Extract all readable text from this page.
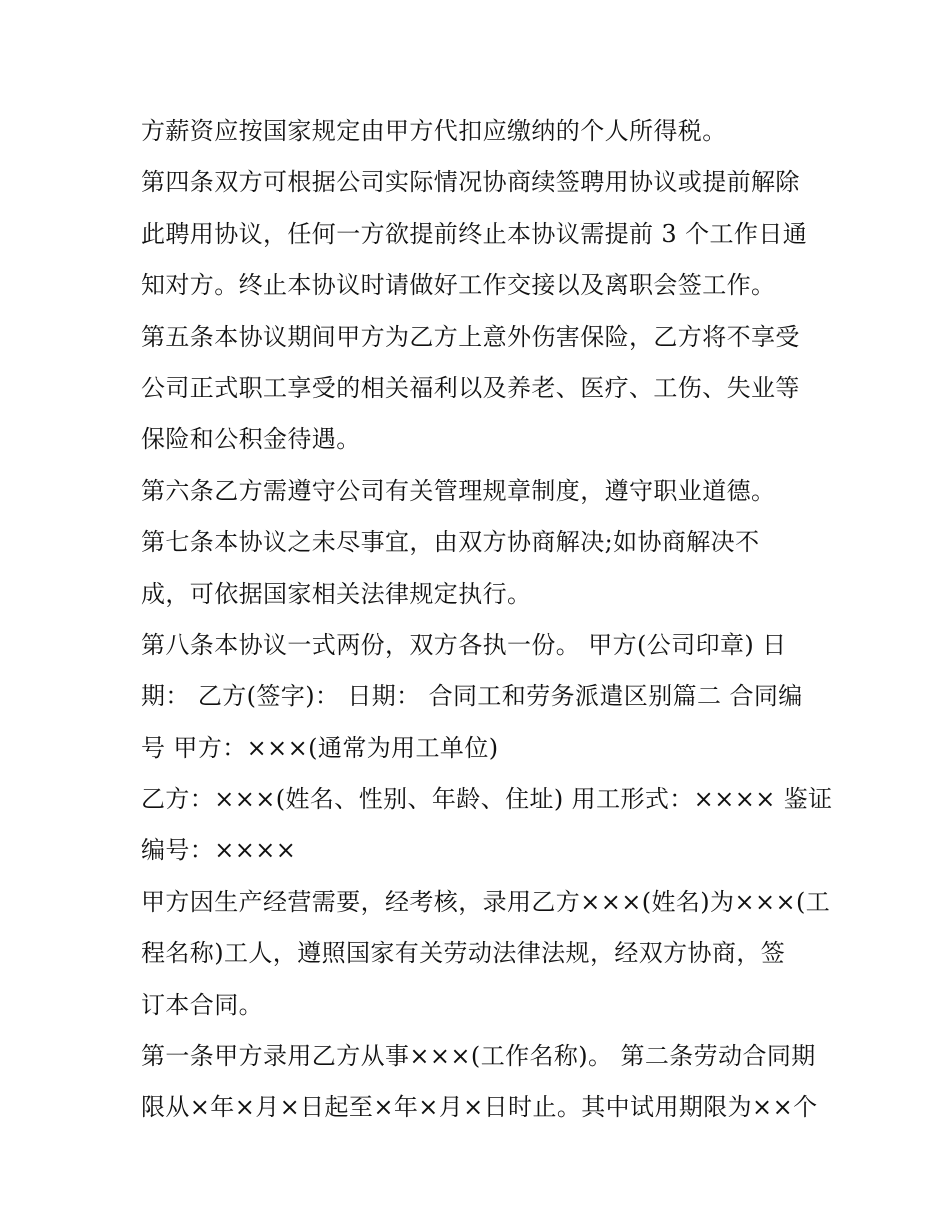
方薪资应按国家规定由甲方代扣应缴纳的个人所得税。
第四条双方可根据公司实际情况协商续签聘用协议或提前解除
此聘用协议，任何一方欲提前终止本协议需提前 3 个工作日通
知对方。终止本协议时请做好工作交接以及离职会签工作。
第五条本协议期间甲方为乙方上意外伤害保险，乙方将不享受
公司正式职工享受的相关福利以及养老、医疗、工伤、失业等
保险和公积金待遇。
第六条乙方需遵守公司有关管理规章制度，遵守职业道德。
第七条本协议之未尽事宜，由双方协商解决;如协商解决不
成，可依据国家相关法律规定执行。
第八条本协议一式两份，双方各执一份。 甲方(公司印章) 日
期： 乙方(签字)： 日期： 合同工和劳务派遣区别篇二 合同编
号 甲方：×××(通常为用工单位)
乙方：×××(姓名、性别、年龄、住址) 用工形式：×××× 鉴证
编号：××××
甲方因生产经营需要，经考核，录用乙方×××(姓名)为×××(工
程名称)工人，遵照国家有关劳动法律法规，经双方协商，签
订本合同。
第一条甲方录用乙方从事×××(工作名称)。 第二条劳动合同期
限从×年×月×日起至×年×月×日时止。其中试用期限为××个
